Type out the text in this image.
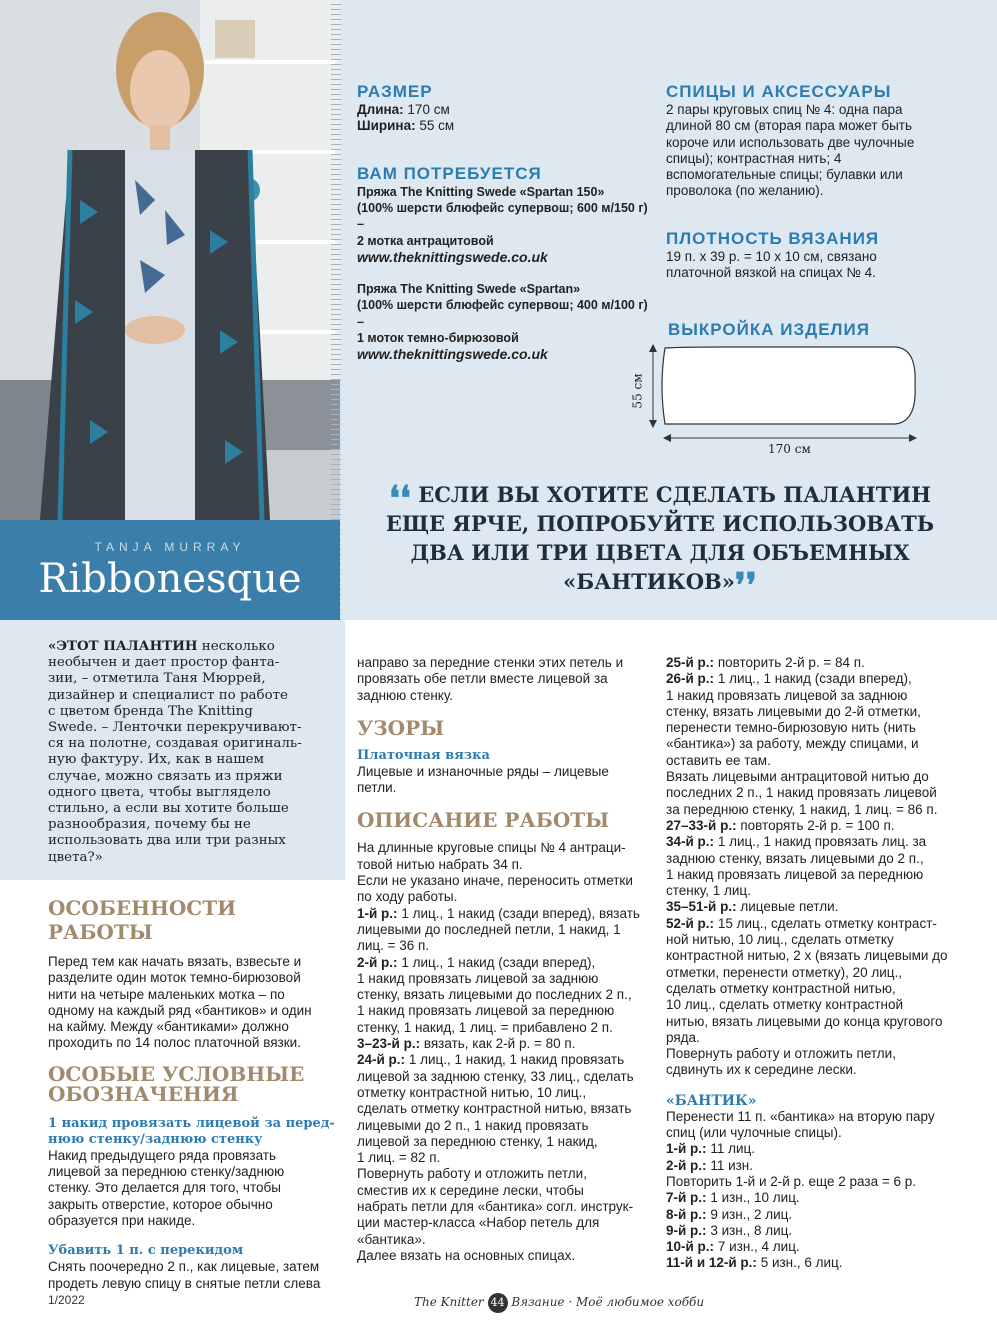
TANJA MURRAY
Ribbonesque
РАЗМЕР

Длина: 170 см

Ширина: 55 см

ВАМ ПОТРЕБУЕТСЯ

Пряжа The Knitting Swede «Spartan 150»

(100% шерсти блюфейс супервош; 600 м/150 г) –

2 мотка антрацитовой

www.theknittingswede.co.uk

Пряжа The Knitting Swede «Spartan»

(100% шерсти блюфейс супервош; 400 м/100 г) –

1 моток темно-бирюзовой

www.theknittingswede.co.uk
СПИЦЫ И АКСЕССУАРЫ

2 пары круговых спиц № 4: одна пара

длиной 80 см (вторая пара может быть

короче или использовать две чулочные

спицы); контрастная нить; 4

вспомогательные спицы; булавки или

проволока (по желанию).

ПЛОТНОСТЬ ВЯЗАНИЯ

19 п. х 39 р. = 10 х 10 см, связано

платочной вязкой на спицах № 4.

ВЫКРОЙКА ИЗДЕЛИЯ
55 см
170 см
❛❛ ЕСЛИ ВЫ ХОТИТЕ СДЕЛАТЬ ПАЛАНТИН
ЕЩЕ ЯРЧЕ, ПОПРОБУЙТЕ ИСПОЛЬЗОВАТЬ
ДВА ИЛИ ТРИ ЦВЕТА ДЛЯ ОБЪЕМНЫХ
«БАНТИКОВ»❜❜
«ЭТОТ ПАЛАНТИН несколько
необычен и дает простор фанта-
зии, – отметила Таня Мюррей,
дизайнер и специалист по работе
с цветом бренда The Knitting
Swede. – Ленточки перекручивают-
ся на полотне, создавая оригиналь-
ную фактуру. Их, как в нашем
случае, можно связать из пряжи
одного цвета, чтобы выглядело
стильно, а если вы хотите больше
разнообразия, почему бы не
использовать два или три разных
цвета?»
ОСОБЕННОСТИ РАБОТЫ

Перед тем как начать вязать, взвесьте и

разделите один моток темно-бирюзовой

нити на четыре маленьких мотка – по

одному на каждый ряд «бантиков» и один

на кайму. Между «бантиками» должно

проходить по 14 полос платочной вязки.

ОСОБЫЕ УСЛОВНЫЕ
ОБОЗНАЧЕНИЯ
1 накид провязать лицевой за перед-
нюю стенку/заднюю стенку

Накид предыдущего ряда провязать

лицевой за переднюю стенку/заднюю

стенку. Это делается для того, чтобы

закрыть отверстие, которое обычно

образуется при накиде.

Убавить 1 п. с перекидом

Снять поочередно 2 п., как лицевые, затем

продеть левую спицу в снятые петли слева

направо за передние стенки этих петель и

провязать обе петли вместе лицевой за

заднюю стенку.

УЗОРЫ
Платочная вязка

Лицевые и изнаночные ряды – лицевые

петли.

ОПИСАНИЕ РАБОТЫ

На длинные круговые спицы № 4 антраци-

товой нитью набрать 34 п.

Если не указано иначе, переносить отметки

по ходу работы.

1-й р.: 1 лиц., 1 накид (сзади вперед), вязать

лицевыми до последней петли, 1 накид, 1

лиц. = 36 п.

2-й р.: 1 лиц., 1 накид (сзади вперед),

1 накид провязать лицевой за заднюю

стенку, вязать лицевыми до последних 2 п.,

1 накид провязать лицевой за переднюю

стенку, 1 накид, 1 лиц. = прибавлено 2 п.

3–23-й р.: вязать, как 2-й р. = 80 п.

24-й р.: 1 лиц., 1 накид, 1 накид провязать

лицевой за заднюю стенку, 33 лиц., сделать

отметку контрастной нитью, 10 лиц.,

сделать отметку контрастной нитью, вязать

лицевыми до 2 п., 1 накид провязать

лицевой за переднюю стенку, 1 накид,

1 лиц. = 82 п.

Повернуть работу и отложить петли,

сместив их к середине лески, чтобы

набрать петли для «бантика» согл. инструк-

ции мастер-класса «Набор петель для

«бантика».

Далее вязать на основных спицах.

25-й р.: повторить 2-й р. = 84 п.

26-й р.: 1 лиц., 1 накид (сзади вперед),

1 накид провязать лицевой за заднюю

стенку, вязать лицевыми до 2-й отметки,

перенести темно-бирюзовую нить (нить

«бантика») за работу, между спицами, и

оставить ее там.

Вязать лицевыми антрацитовой нитью до

последних 2 п., 1 накид провязать лицевой

за переднюю стенку, 1 накид, 1 лиц. = 86 п.

27–33-й р.: повторять 2-й р. = 100 п.

34-й р.: 1 лиц., 1 накид провязать лиц. за

заднюю стенку, вязать лицевыми до 2 п.,

1 накид провязать лицевой за переднюю

стенку, 1 лиц.

35–51-й р.: лицевые петли.

52-й р.: 15 лиц., сделать отметку контраст-

ной нитью, 10 лиц., сделать отметку

контрастной нитью, 2 х (вязать лицевыми до

отметки, перенести отметку), 20 лиц.,

сделать отметку контрастной нитью,

10 лиц., сделать отметку контрастной

нитью, вязать лицевыми до конца кругового

ряда.

Повернуть работу и отложить петли,

сдвинуть их к середине лески.

«БАНТИК»

Перенести 11 п. «бантика» на вторую пару

спиц (или чулочные спицы).

1-й р.: 11 лиц.

2-й р.: 11 изн.

Повторить 1-й и 2-й р. еще 2 раза = 6 р.

7-й р.: 1 изн., 10 лиц.

8-й р.: 9 изн., 2 лиц.

9-й р.: 3 изн., 8 лиц.

10-й р.: 7 изн., 4 лиц.

11-й и 12-й р.: 5 изн., 6 лиц.

1/2022	The Knitter 44 Вязание · Моё любимое хобби
